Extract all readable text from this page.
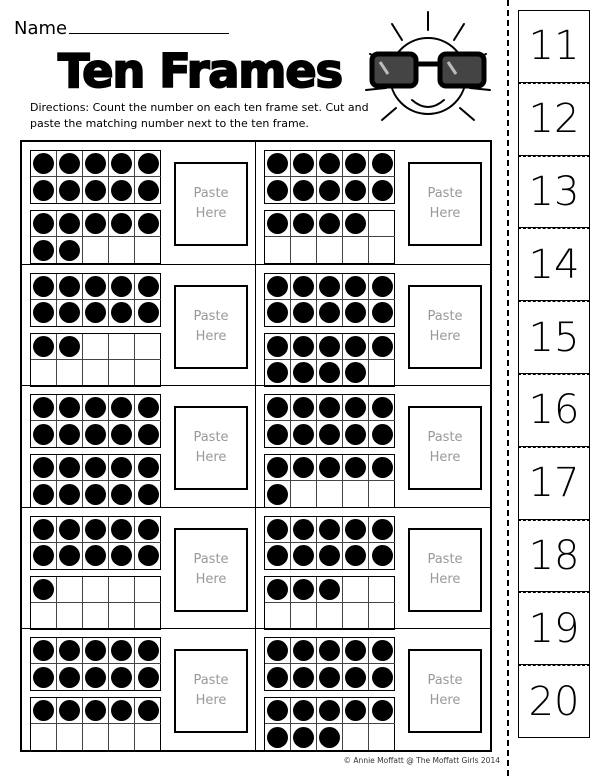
Name
Ten Frames
Directions: Count the number on each ten frame set. Cut and paste the matching number next to the ten frame.
Paste
Here
Paste
Here
Paste
Here
Paste
Here
Paste
Here
Paste
Here
Paste
Here
Paste
Here
Paste
Here
Paste
Here
© Annie Moffatt @ The Moffatt Girls 2014
11
12
13
14
15
16
17
18
19
20
